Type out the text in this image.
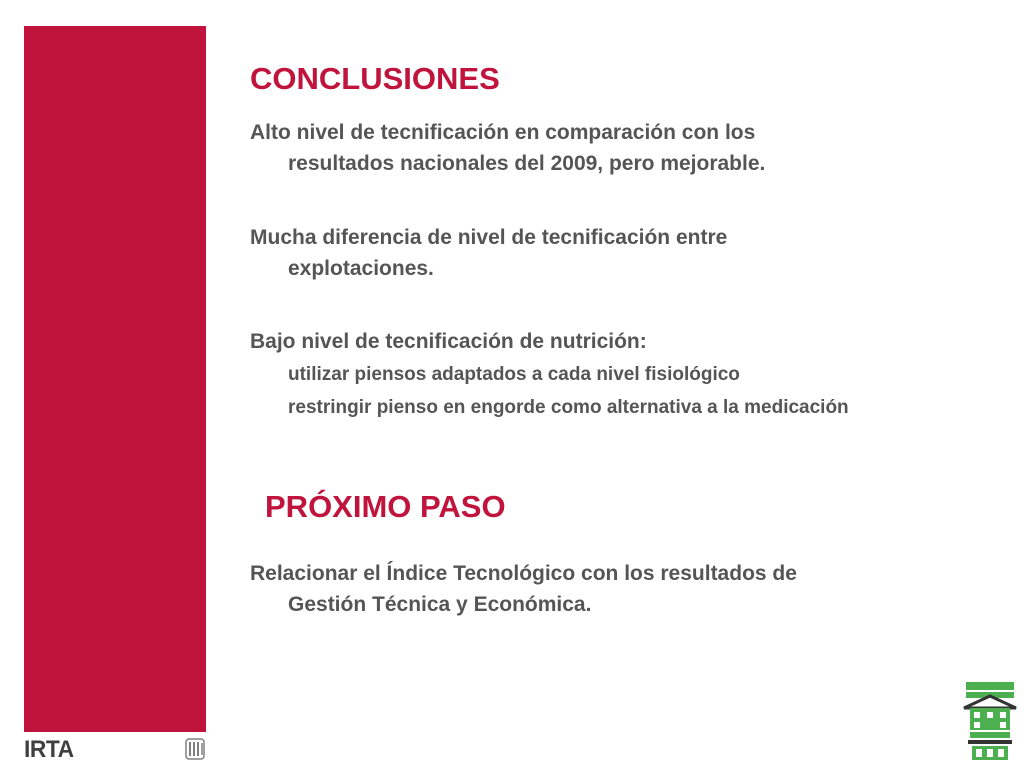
IRTA
CONCLUSIONES
Alto nivel de tecnificación en comparación con los
resultados nacionales del 2009, pero mejorable.
Mucha diferencia de nivel de tecnificación entre
explotaciones.
Bajo nivel de tecnificación de nutrición:
utilizar piensos adaptados a cada nivel fisiológico
restringir pienso en engorde como alternativa a la medicación
PRÓXIMO PASO
Relacionar el Índice Tecnológico con los resultados de
Gestión Técnica y Económica.
